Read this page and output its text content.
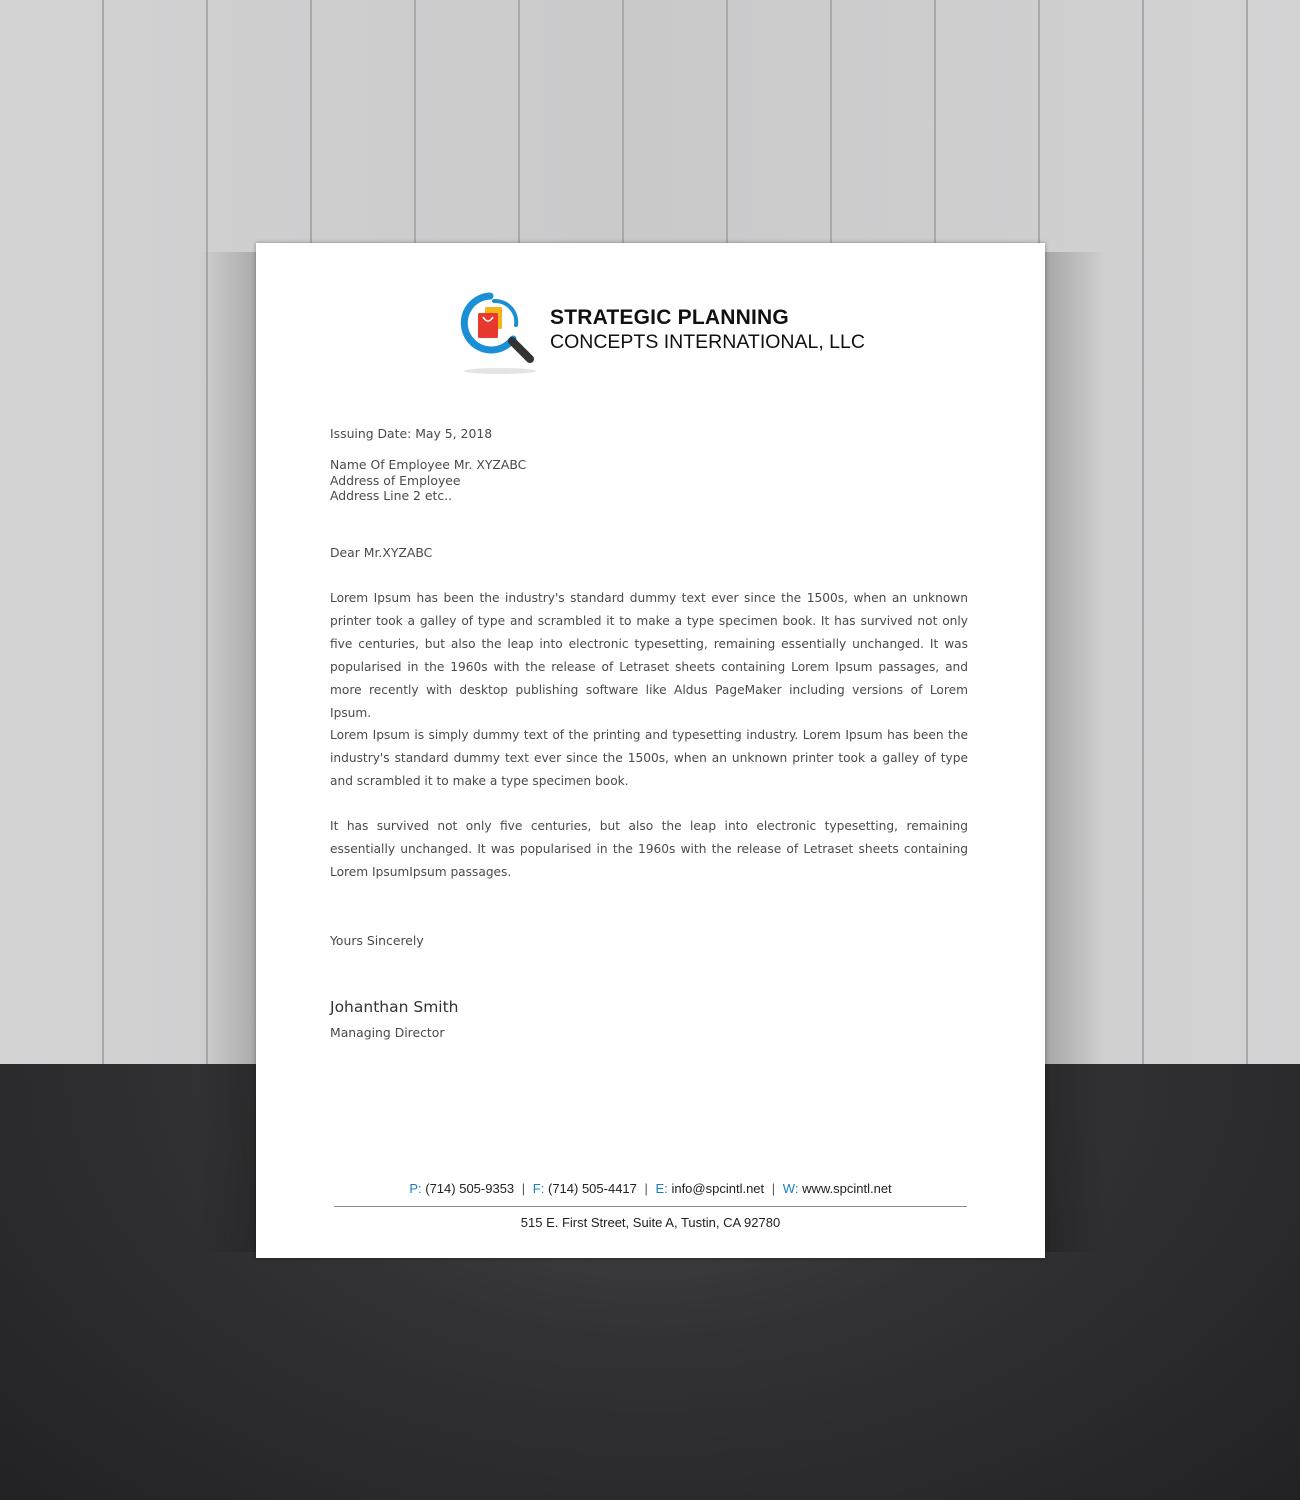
STRATEGIC PLANNING
CONCEPTS INTERNATIONAL, LLC
Issuing Date: May 5, 2018
Name Of Employee Mr. XYZABC
Address of Employee
Address Line 2 etc..
Dear Mr.XYZABC
Lorem Ipsum has been the industry's standard dummy text ever since the 1500s, when an unknown printer took a galley of type and scrambled it to make a type specimen book. It has survived not only five centuries, but also the leap into electronic typesetting, remaining essentially unchanged. It was popularised in the 1960s with the release of Letraset sheets containing Lorem Ipsum passages, and more recently with desktop publishing software like Aldus PageMaker including versions of Lorem Ipsum.
Lorem Ipsum is simply dummy text of the printing and typesetting industry. Lorem Ipsum has been the industry's standard dummy text ever since the 1500s, when an unknown printer took a galley of type and scrambled it to make a type specimen book.
It has survived not only five centuries, but also the leap into electronic typesetting, remaining essentially unchanged. It was popularised in the 1960s with the release of Letraset sheets containing Lorem IpsumIpsum passages.
Yours Sincerely
Johanthan Smith
Managing Director
P: (714) 505-9353 | F: (714) 505-4417 | E: info@spcintl.net | W: www.spcintl.net
515 E. First Street, Suite A, Tustin, CA 92780
